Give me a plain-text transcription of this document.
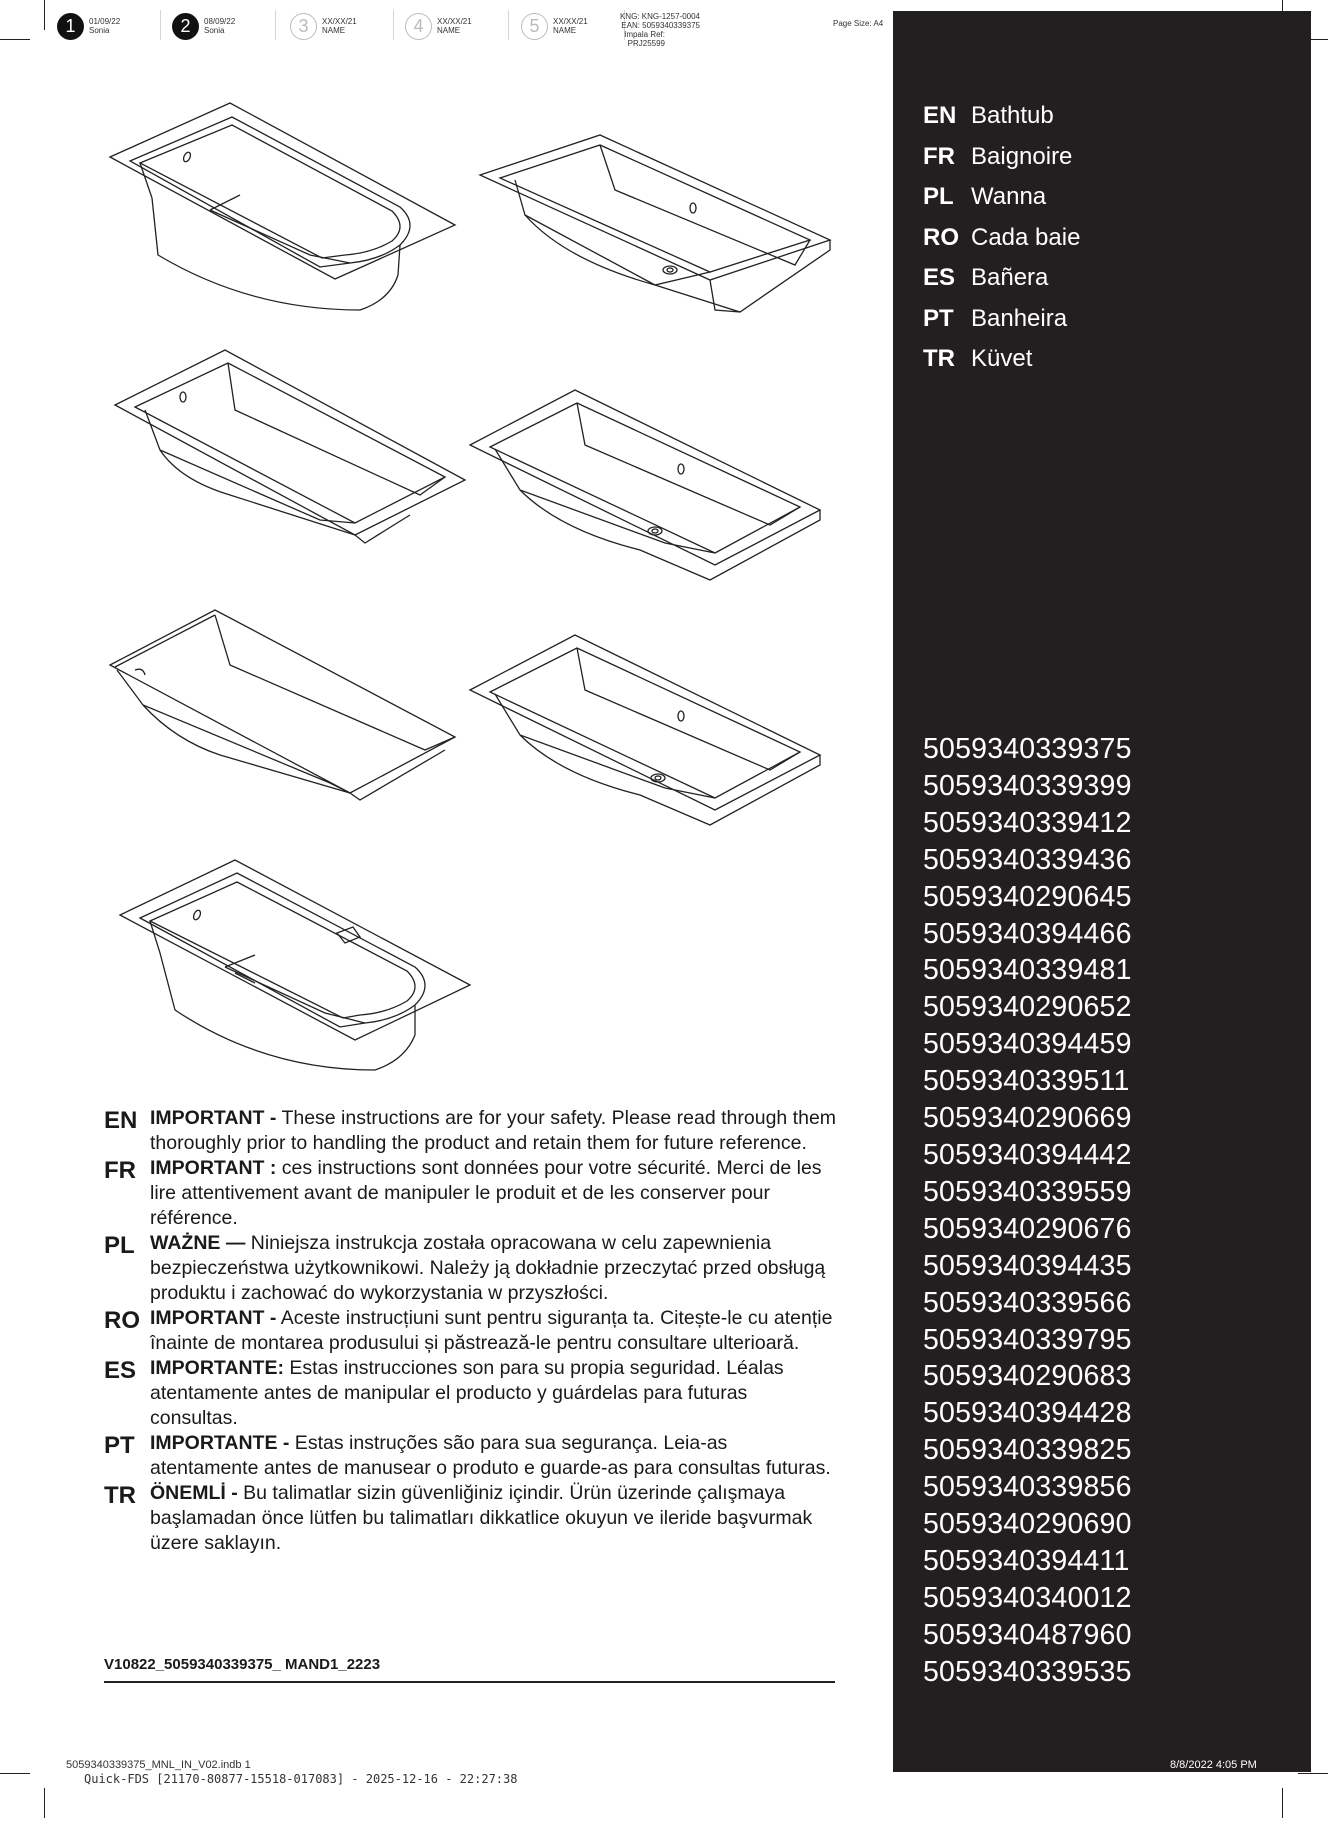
1	01/09/22
Sonia	2	08/09/22
Sonia	3	XX/XX/21
NAME	4	XX/XX/21
NAME	5	XX/XX/21
NAME
KNG: KNG-1257-0004
EAN: 5059340339375
Impala Ref: PRJ25599
Page Size: A4
EN IMPORTANT - These instructions are for your safety. Please read through them thoroughly prior to handling the product and retain them for future reference.
FR IMPORTANT : ces instructions sont données pour votre sécurité. Merci de les lire attentivement avant de manipuler le produit et de les conserver pour référence.
PL WAŻNE — Niniejsza instrukcja została opracowana w celu zapewnienia bezpieczeństwa użytkownikowi. Należy ją dokładnie przeczytać przed obsługą produktu i zachować do wykorzystania w przyszłości.
RO IMPORTANT - Aceste instrucțiuni sunt pentru siguranța ta. Citește-le cu atenție înainte de montarea produsului și păstrează-le pentru consultare ulterioară.
ES IMPORTANTE: Estas instrucciones son para su propia seguridad. Léalas atentamente antes de manipular el producto y guárdelas para futuras consultas.
PT IMPORTANTE - Estas instruções são para sua segurança. Leia-as atentamente antes de manusear o produto e guarde-as para consultas futuras.
TR ÖNEMLİ - Bu talimatlar sizin güvenliğiniz içindir. Ürün üzerinde çalışmaya başlamadan önce lütfen bu talimatları dikkatlice okuyun ve ileride başvurmak üzere saklayın.
V10822_5059340339375_ MAND1_2223
EN Bathtub
FR Baignoire
PL Wanna
RO Cada baie
ES Bañera
PT Banheira
TR Küvet
5059340339375
5059340339399
5059340339412
5059340339436
5059340290645
5059340394466
5059340339481
5059340290652
5059340394459
5059340339511
5059340290669
5059340394442
5059340339559
5059340290676
5059340394435
5059340339566
5059340339795
5059340290683
5059340394428
5059340339825
5059340339856
5059340290690
5059340394411
5059340340012
5059340487960
5059340339535
5059340339375_MNL_IN_V02.indb 1
Quick-FDS [21170-80877-15518-017083] - 2025-12-16 - 22:27:38
8/8/2022 4:05 PM
